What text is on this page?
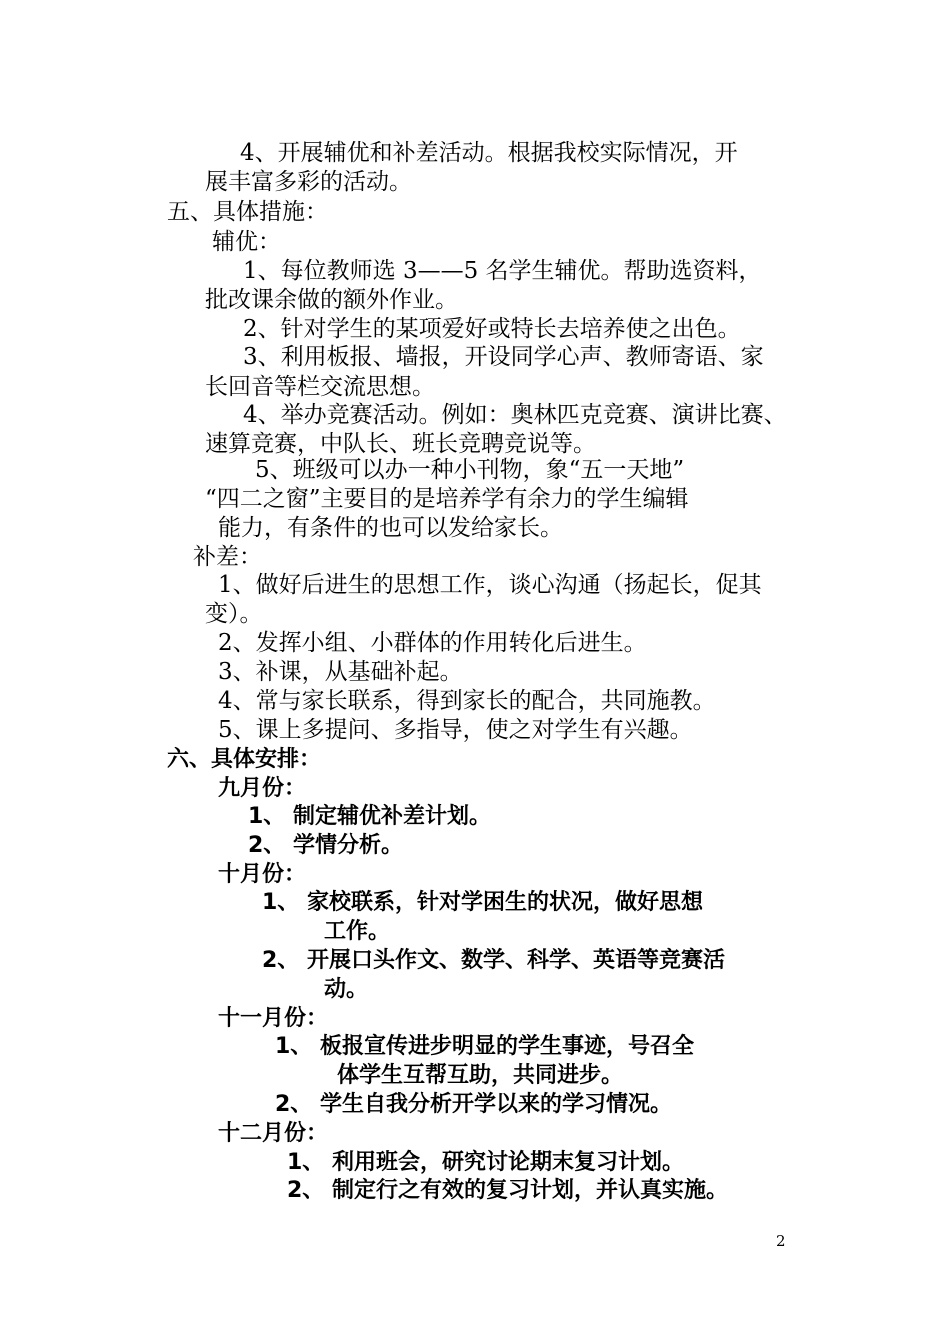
4、开展辅优和补差活动。根据我校实际情况，开
展丰富多彩的活动。
五、具体措施：
辅优：
1、每位教师选 3——5 名学生辅优。帮助选资料，
批改课余做的额外作业。
2、针对学生的某项爱好或特长去培养使之出色。
3、利用板报、墙报，开设同学心声、教师寄语、家
长回音等栏交流思想。
4、举办竞赛活动。例如：奥林匹克竞赛、演讲比赛、
速算竞赛，中队长、班长竞聘竞说等。
5、班级可以办一种小刊物，象“五一天地”
“四二之窗”主要目的是培养学有余力的学生编辑
能力，有条件的也可以发给家长。
补差：
1、做好后进生的思想工作，谈心沟通（扬起长，促其
变）。
2、发挥小组、小群体的作用转化后进生。
3、补课，从基础补起。
4、常与家长联系，得到家长的配合，共同施教。
5、课上多提问、多指导，使之对学生有兴趣。
六、具体安排：
九月份：
1、 制定辅优补差计划。
2、 学情分析。
十月份：
1、 家校联系，针对学困生的状况，做好思想
工作。
2、 开展口头作文、数学、科学、英语等竞赛活
动。
十一月份：
1、 板报宣传进步明显的学生事迹，号召全
体学生互帮互助，共同进步。
2、 学生自我分析开学以来的学习情况。
十二月份：
1、 利用班会，研究讨论期末复习计划。
2、 制定行之有效的复习计划，并认真实施。
2
